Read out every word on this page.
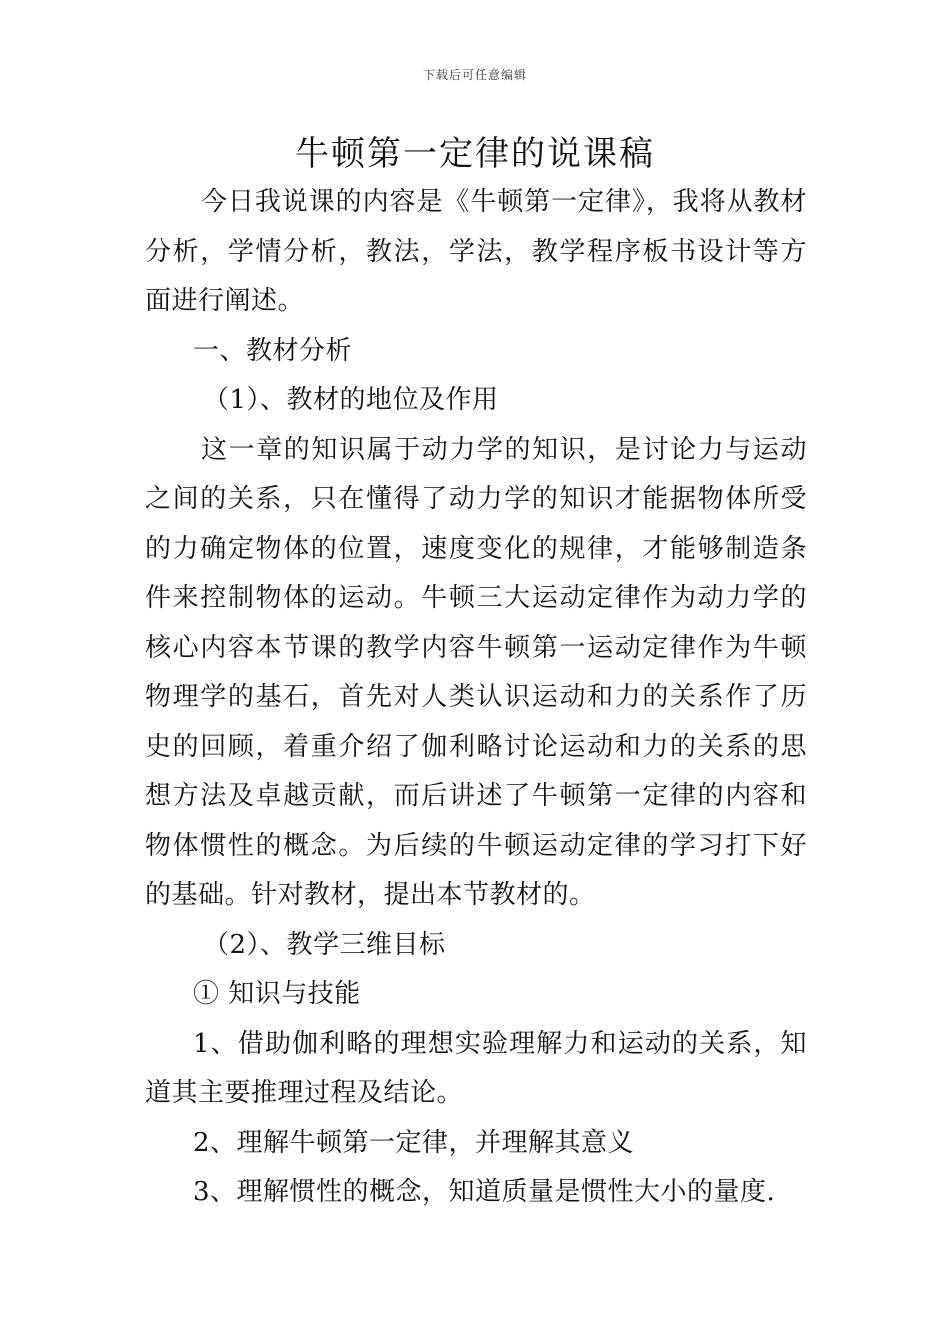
下载后可任意编辑
牛顿第一定律的说课稿

今日我说课的内容是《牛顿第一定律》，我将从教材分析，学情分析，教法，学法，教学程序板书设计等方面进行阐述。

一、教材分析

（1）、教材的地位及作用

这一章的知识属于动力学的知识，是讨论力与运动之间的关系，只在懂得了动力学的知识才能据物体所受的力确定物体的位置，速度变化的规律，才能够制造条件来控制物体的运动。牛顿三大运动定律作为动力学的核心内容本节课的教学内容牛顿第一运动定律作为牛顿物理学的基石，首先对人类认识运动和力的关系作了历史的回顾，着重介绍了伽利略讨论运动和力的关系的思想方法及卓越贡献，而后讲述了牛顿第一定律的内容和物体惯性的概念。为后续的牛顿运动定律的学习打下好的基础。针对教材，提出本节教材的。

（2）、教学三维目标

① 知识与技能

1、借助伽利略的理想实验理解力和运动的关系，知道其主要推理过程及结论。

2、理解牛顿第一定律，并理解其意义

3、理解惯性的概念，知道质量是惯性大小的量度.
